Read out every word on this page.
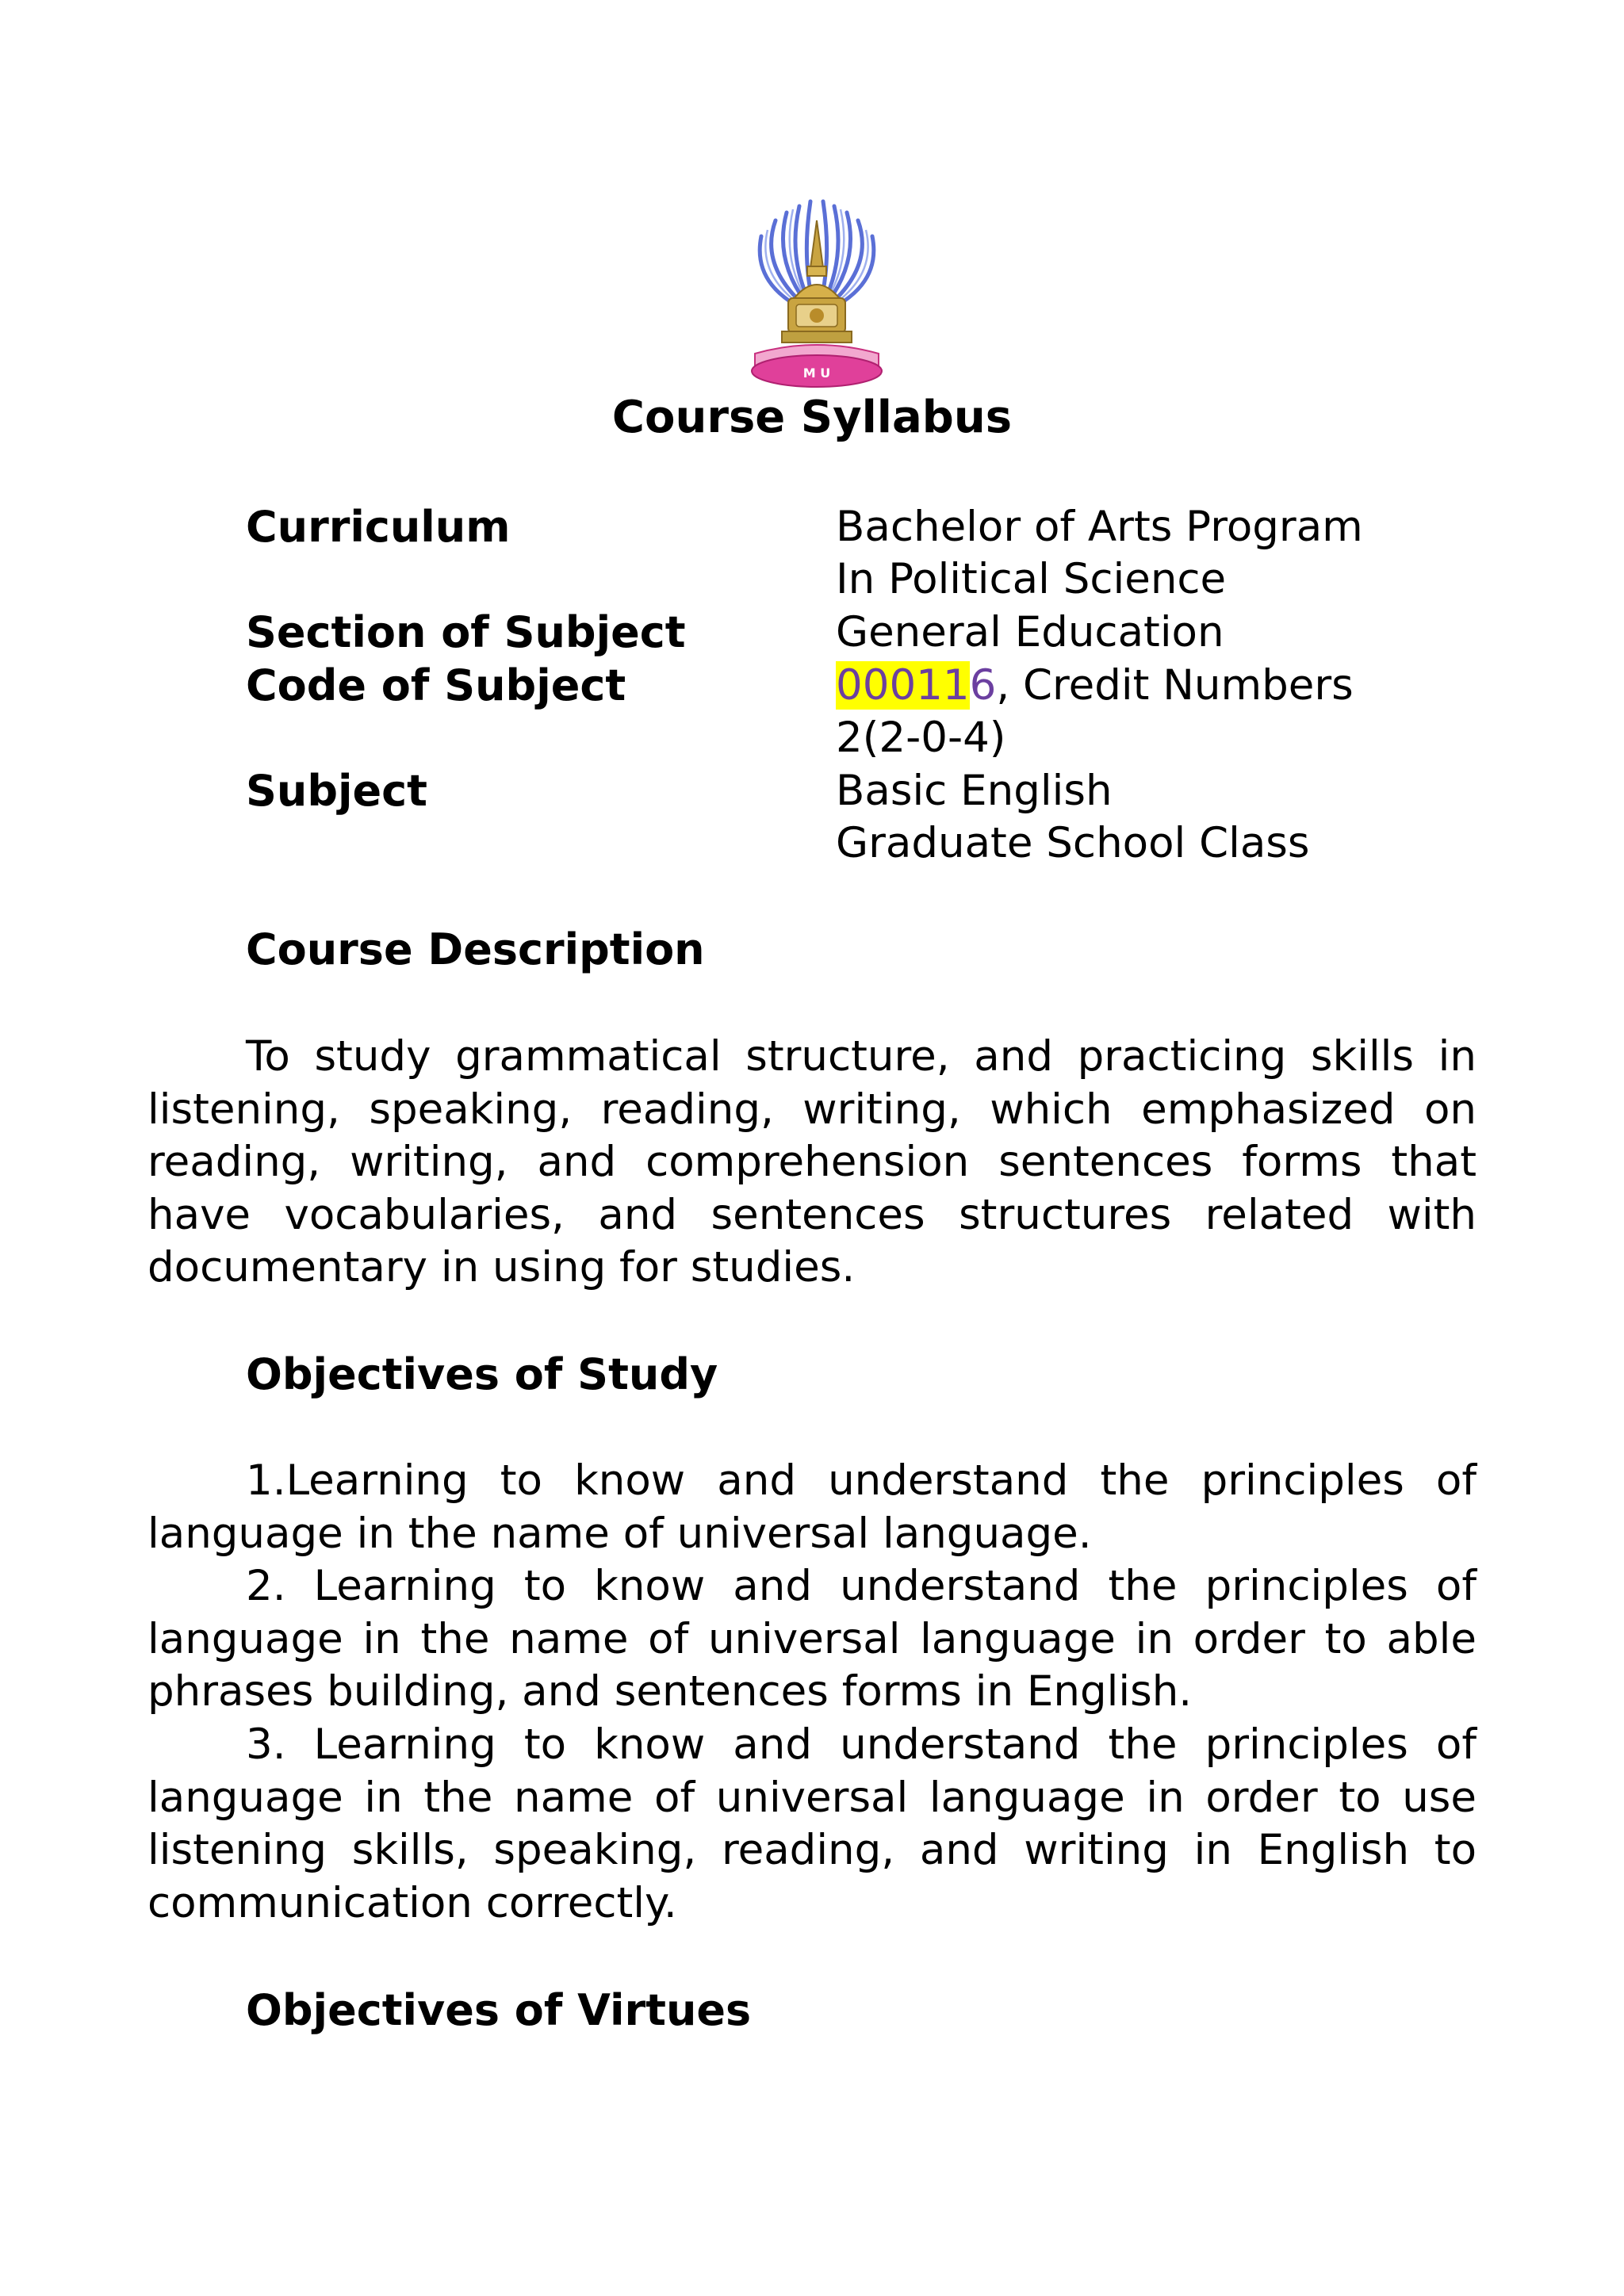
M U
Course Syllabus
Curriculum	Bachelor of Arts Program
In Political Science
Section of Subject	General Education
Code of Subject	000116, Credit Numbers
2(2-0-4)
Subject	Basic English
Graduate School Class
Course Description
To study grammatical structure, and practicing skills in listening, speaking, reading, writing, which emphasized on reading, writing, and comprehension sentences forms that have vocabularies, and sentences structures related with documentary in using for studies.
Objectives of Study
1.Learning to know and understand the principles of language in the name of universal language.
2. Learning to know and understand the principles of language in the name of universal language in order to able phrases building, and sentences forms in English.
3. Learning to know and understand the principles of language in the name of universal language in order to use listening skills, speaking, reading, and writing in English to communication correctly.
Objectives of Virtues
